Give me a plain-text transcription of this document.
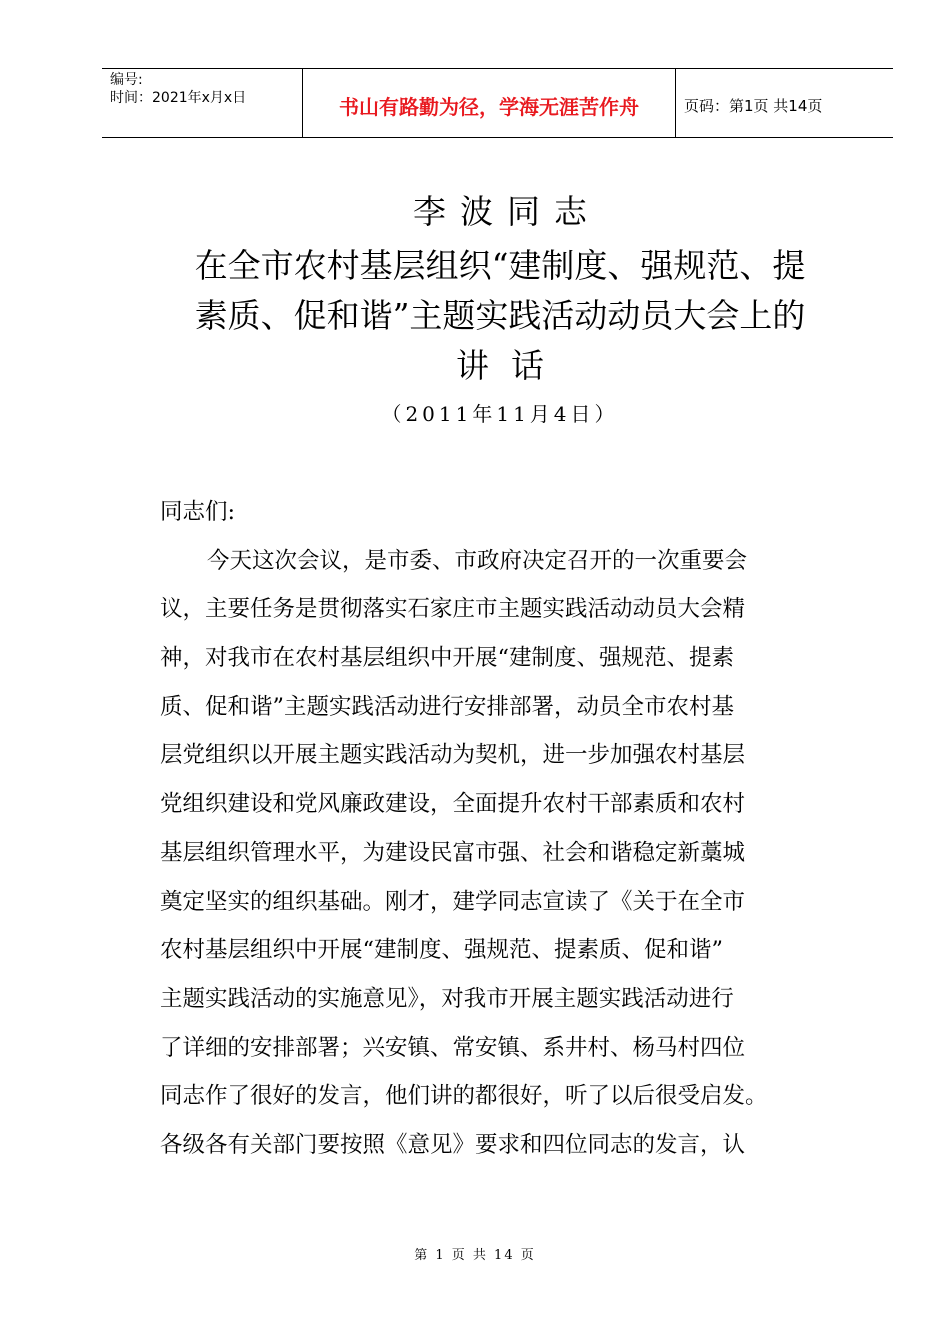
编号:
时间：2021年x月x日	书山有路勤为径，学海无涯苦作舟	页码：第1页 共14页
李波同志
在全市农村基层组织“建制度、强规范、提
素质、促和谐”主题实践活动动员大会上的
讲话
（2011年11月4日）
同志们:
今天这次会议，是市委、市政府决定召开的一次重要会
议，主要任务是贯彻落实石家庄市主题实践活动动员大会精
神，对我市在农村基层组织中开展“建制度、强规范、提素
质、促和谐”主题实践活动进行安排部署，动员全市农村基
层党组织以开展主题实践活动为契机，进一步加强农村基层
党组织建设和党风廉政建设，全面提升农村干部素质和农村
基层组织管理水平，为建设民富市强、社会和谐稳定新藁城
奠定坚实的组织基础。刚才，建学同志宣读了《关于在全市
农村基层组织中开展“建制度、强规范、提素质、促和谐”
主题实践活动的实施意见》，对我市开展主题实践活动进行
了详细的安排部署；兴安镇、常安镇、系井村、杨马村四位
同志作了很好的发言，他们讲的都很好，听了以后很受启发。
各级各有关部门要按照《意见》要求和四位同志的发言，认
第 1 页 共 14 页
